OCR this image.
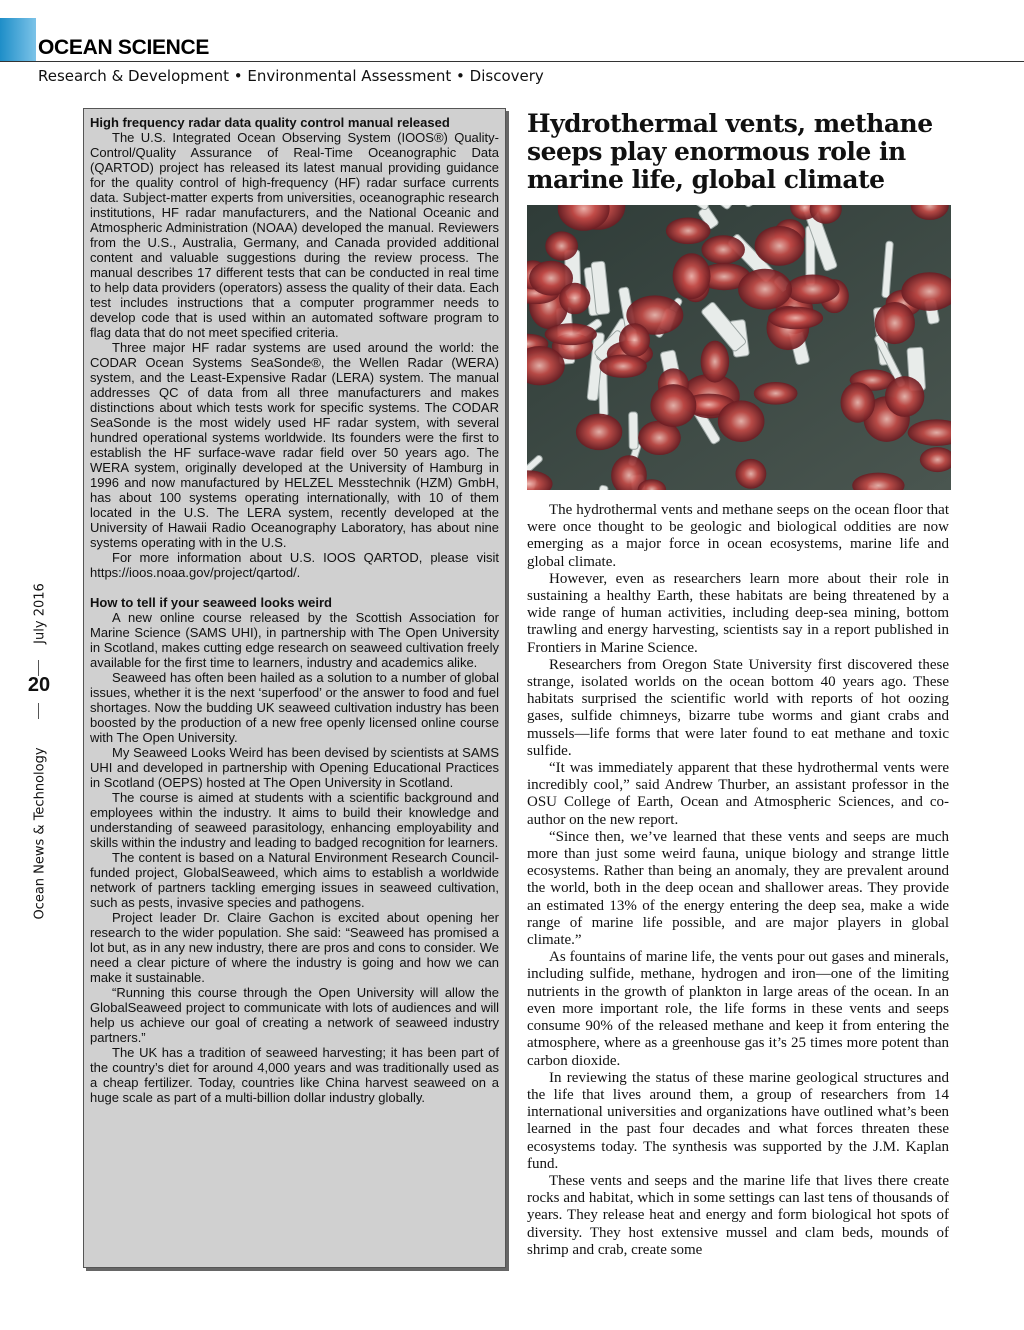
OCEAN SCIENCE
Research & Development • Environmental Assessment • Discovery
July 2016
20
Ocean News & Technology
High frequency radar data quality control manual released

The U.S. Integrated Ocean Observing System (IOOS®) Quality-Control/Quality Assurance of Real-Time Oceanographic Data (QARTOD) project has released its latest manual providing guidance for the quality control of high-frequency (HF) radar surface currents data. Subject-matter experts from universities, oceanographic research institutions, HF radar manufacturers, and the National Oceanic and Atmospheric Administration (NOAA) developed the manual. Reviewers from the U.S., Australia, Germany, and Canada provided additional content and valuable suggestions during the review process. The manual describes 17 different tests that can be conducted in real time to help data providers (operators) assess the quality of their data. Each test includes instructions that a computer programmer needs to develop code that is used within an automated software program to flag data that do not meet specified criteria.

Three major HF radar systems are used around the world: the CODAR Ocean Systems SeaSonde®, the Wellen Radar (WERA) system, and the Least-Expensive Radar (LERA) system. The manual addresses QC of data from all three manufacturers and makes distinctions about which tests work for specific systems. The CODAR SeaSonde is the most widely used HF radar system, with several hundred operational systems worldwide. Its founders were the first to establish the HF surface-wave radar field over 50 years ago. The WERA system, originally developed at the University of Hamburg in 1996 and now manufactured by HELZEL Messtechnik (HZM) GmbH, has about 100 systems operating internationally, with 10 of them located in the U.S. The LERA system, recently developed at the University of Hawaii Radio Oceanography Laboratory, has about nine systems operating with in the U.S.

For more information about U.S. IOOS QARTOD, please visit https://ioos.noaa.gov/project/qartod/.

How to tell if your seaweed looks weird

A new online course released by the Scottish Association for Marine Science (SAMS UHI), in partnership with The Open University in Scotland, makes cutting edge research on seaweed cultivation freely available for the first time to learners, industry and academics alike.

Seaweed has often been hailed as a solution to a number of global issues, whether it is the next ‘superfood’ or the answer to food and fuel shortages. Now the budding UK seaweed cultivation industry has been boosted by the production of a new free openly licensed online course with The Open University.

My Seaweed Looks Weird has been devised by scientists at SAMS UHI and developed in partnership with Opening Educational Practices in Scotland (OEPS) hosted at The Open University in Scotland.

The course is aimed at students with a scientific background and employees within the industry. It aims to build their knowledge and understanding of seaweed parasitology, enhancing employability and skills within the industry and leading to badged recognition for learners.

The content is based on a Natural Environment Research Council-funded project, GlobalSeaweed, which aims to establish a worldwide network of partners tackling emerging issues in seaweed cultivation, such as pests, invasive species and pathogens.

Project leader Dr. Claire Gachon is excited about opening her research to the wider population. She said: “Seaweed has promised a lot but, as in any new industry, there are pros and cons to consider. We need a clear picture of where the industry is going and how we can make it sustainable.

“Running this course through the Open University will allow the GlobalSeaweed project to communicate with lots of audiences and will help us achieve our goal of creating a network of seaweed industry partners.”

The UK has a tradition of seaweed harvesting; it has been part of the country’s diet for around 4,000 years and was traditionally used as a cheap fertilizer. Today, countries like China harvest seaweed on a huge scale as part of a multi-billion dollar industry globally.

Hydrothermal vents, methane seeps play enormous role in marine life, global climate

The hydrothermal vents and methane seeps on the ocean floor that were once thought to be geologic and biological oddities are now emerging as a major force in ocean ecosystems, marine life and global climate.

However, even as researchers learn more about their role in sustaining a healthy Earth, these habitats are being threatened by a wide range of human activities, including deep-sea mining, bottom trawling and energy harvesting, scientists say in a report published in Frontiers in Marine Science.

Researchers from Oregon State University first discovered these strange, isolated worlds on the ocean bottom 40 years ago. These habitats surprised the scientific world with reports of hot oozing gases, sulfide chimneys, bizarre tube worms and giant crabs and mussels—life forms that were later found to eat methane and toxic sulfide.

“It was immediately apparent that these hydrothermal vents were incredibly cool,” said Andrew Thurber, an assistant professor in the OSU College of Earth, Ocean and Atmospheric Sciences, and co-author on the new report.

“Since then, we’ve learned that these vents and seeps are much more than just some weird fauna, unique biology and strange little ecosystems. Rather than being an anomaly, they are prevalent around the world, both in the deep ocean and shallower areas. They provide an estimated 13% of the energy entering the deep sea, make a wide range of marine life possible, and are major players in global climate.”

As fountains of marine life, the vents pour out gases and minerals, including sulfide, methane, hydrogen and iron—one of the limiting nutrients in the growth of plankton in large areas of the ocean. In an even more important role, the life forms in these vents and seeps consume 90% of the released methane and keep it from entering the atmosphere, where as a greenhouse gas it’s 25 times more potent than carbon dioxide.

In reviewing the status of these marine geological structures and the life that lives around them, a group of researchers from 14 international universities and organizations have outlined what’s been learned in the past four decades and what forces threaten these ecosystems today. The synthesis was supported by the J.M. Kaplan fund.

These vents and seeps and the marine life that lives there create rocks and habitat, which in some settings can last tens of thousands of years. They release heat and energy and form biological hot spots of diversity. They host extensive mussel and clam beds, mounds of shrimp and crab, create some
